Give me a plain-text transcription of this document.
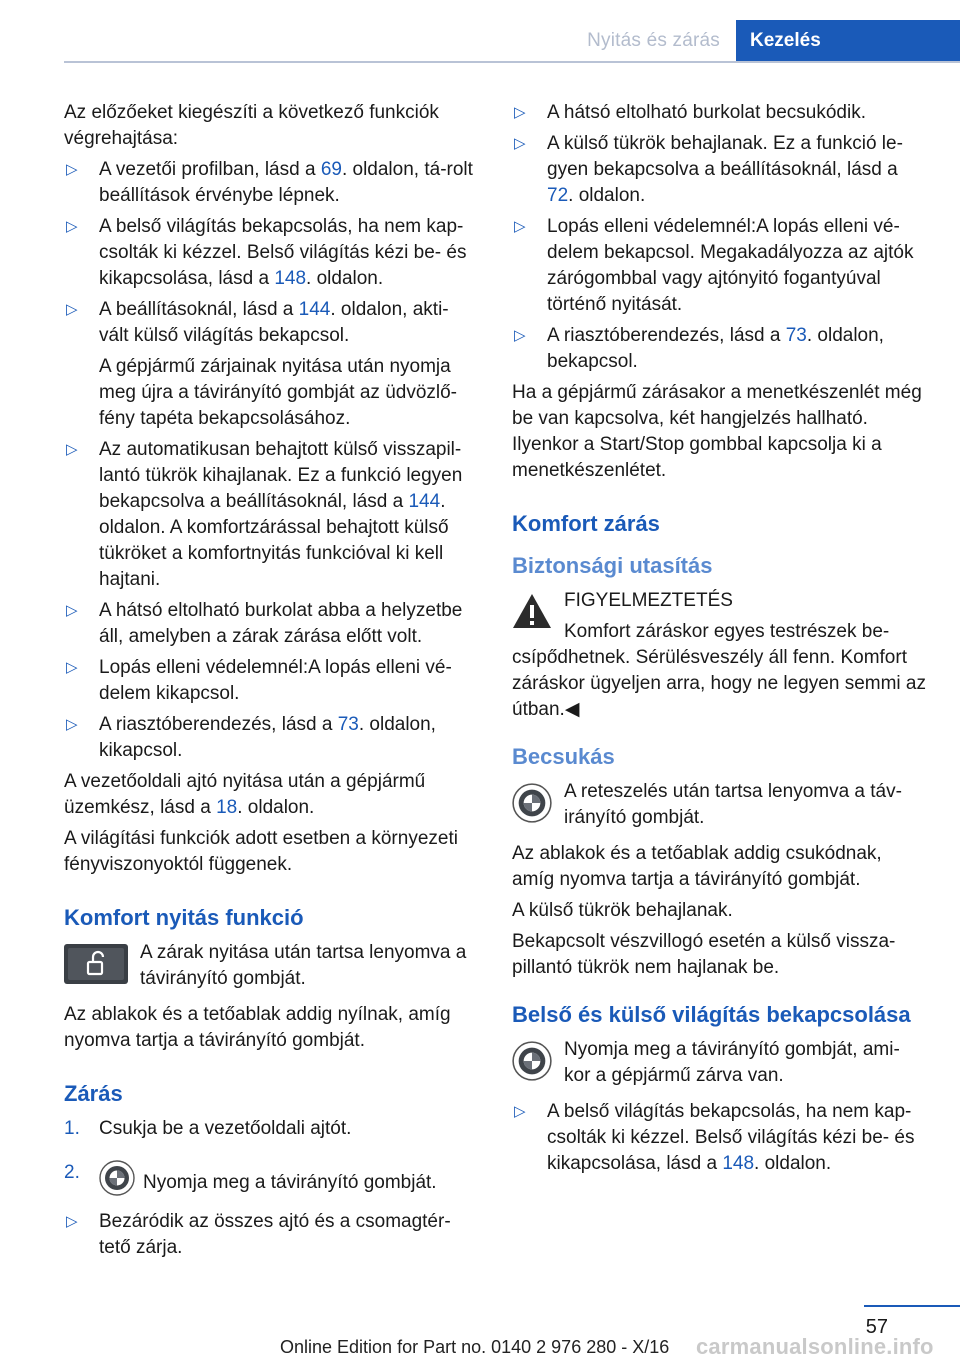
Nyitás és zárás	Kezelés

Az előzőeket kiegészíti a következő funkciók végrehajtása:

▷ A vezetői profilban, lásd a 69. oldalon, tá-rolt beállítások érvénybe lépnek.
▷ A belső világítás bekapcsolás, ha nem kap-csolták ki kézzel. Belső világítás kézi be- és kikapcsolása, lásd a 148. oldalon.
▷ A beállításoknál, lásd a 144. oldalon, akti-vált külső világítás bekapcsol.
A gépjármű zárjainak nyitása után nyomja meg újra a távirányító gombját az üdvözlő-fény tapéta bekapcsolásához.
▷ Az automatikusan behajtott külső visszapil-lantó tükrök kihajlanak. Ez a funkció legyen bekapcsolva a beállításoknál, lásd a 144. oldalon. A komfortzárással behajtott külső tükröket a komfortnyitás funkcióval ki kell hajtani.
▷ A hátsó eltolható burkolat abba a helyzetbe áll, amelyben a zárak zárása előtt volt.
▷ Lopás elleni védelemnél:A lopás elleni vé-delem kikapcsol.
▷ A riasztóberendezés, lásd a 73. oldalon, kikapcsol.

A vezetőoldali ajtó nyitása után a gépjármű üzemkész, lásd a 18. oldalon.

A világítási funkciók adott esetben a környezeti fényviszonyoktól függenek.

Komfort nyitás funkció
A zárak nyitása után tartsa lenyomva a távirányító gombját.

Az ablakok és a tetőablak addig nyílnak, amíg nyomva tartja a távirányító gombját.

Zárás
1. Csukja be a vezetőoldali ajtót.
2.	Nyomja meg a távirányító gombját.
▷ Bezáródik az összes ajtó és a csomagtér-tető zárja.
▷ A hátsó eltolható burkolat becsukódik.
▷ A külső tükrök behajlanak. Ez a funkció le-gyen bekapcsolva a beállításoknál, lásd a 72. oldalon.
▷ Lopás elleni védelemnél:A lopás elleni vé-delem bekapcsol. Megakadályozza az ajtók zárógombbal vagy ajtónyitó fogantyúval történő nyitását.
▷ A riasztóberendezés, lásd a 73. oldalon, bekapcsol.

Ha a gépjármű zárásakor a menetkészenlét még be van kapcsolva, két hangjelzés hallható. Ilyenkor a Start/Stop gombbal kapcsolja ki a menetkészenlétet.

Komfort zárás
Biztonsági utasítás
FIGYELMEZTETÉS
Komfort záráskor egyes testrészek be-
csípődhetnek. Sérülésveszély áll fenn. Komfort záráskor ügyeljen arra, hogy ne legyen semmi az útban.◀
Becsukás
A reteszelés után tartsa lenyomva a táv-irányító gombját.

Az ablakok és a tetőablak addig csukódnak, amíg nyomva tartja a távirányító gombját.

A külső tükrök behajlanak.

Bekapcsolt vészvillogó esetén a külső vissza-pillantó tükrök nem hajlanak be.

Belső és külső világítás bekapcsolása
Nyomja meg a távirányító gombját, ami-kor a gépjármű zárva van.
▷ A belső világítás bekapcsolás, ha nem kap-csolták ki kézzel. Belső világítás kézi be- és kikapcsolása, lásd a 148. oldalon.
57
Online Edition for Part no. 0140 2 976 280 - X/16 carmanualsonline.info
